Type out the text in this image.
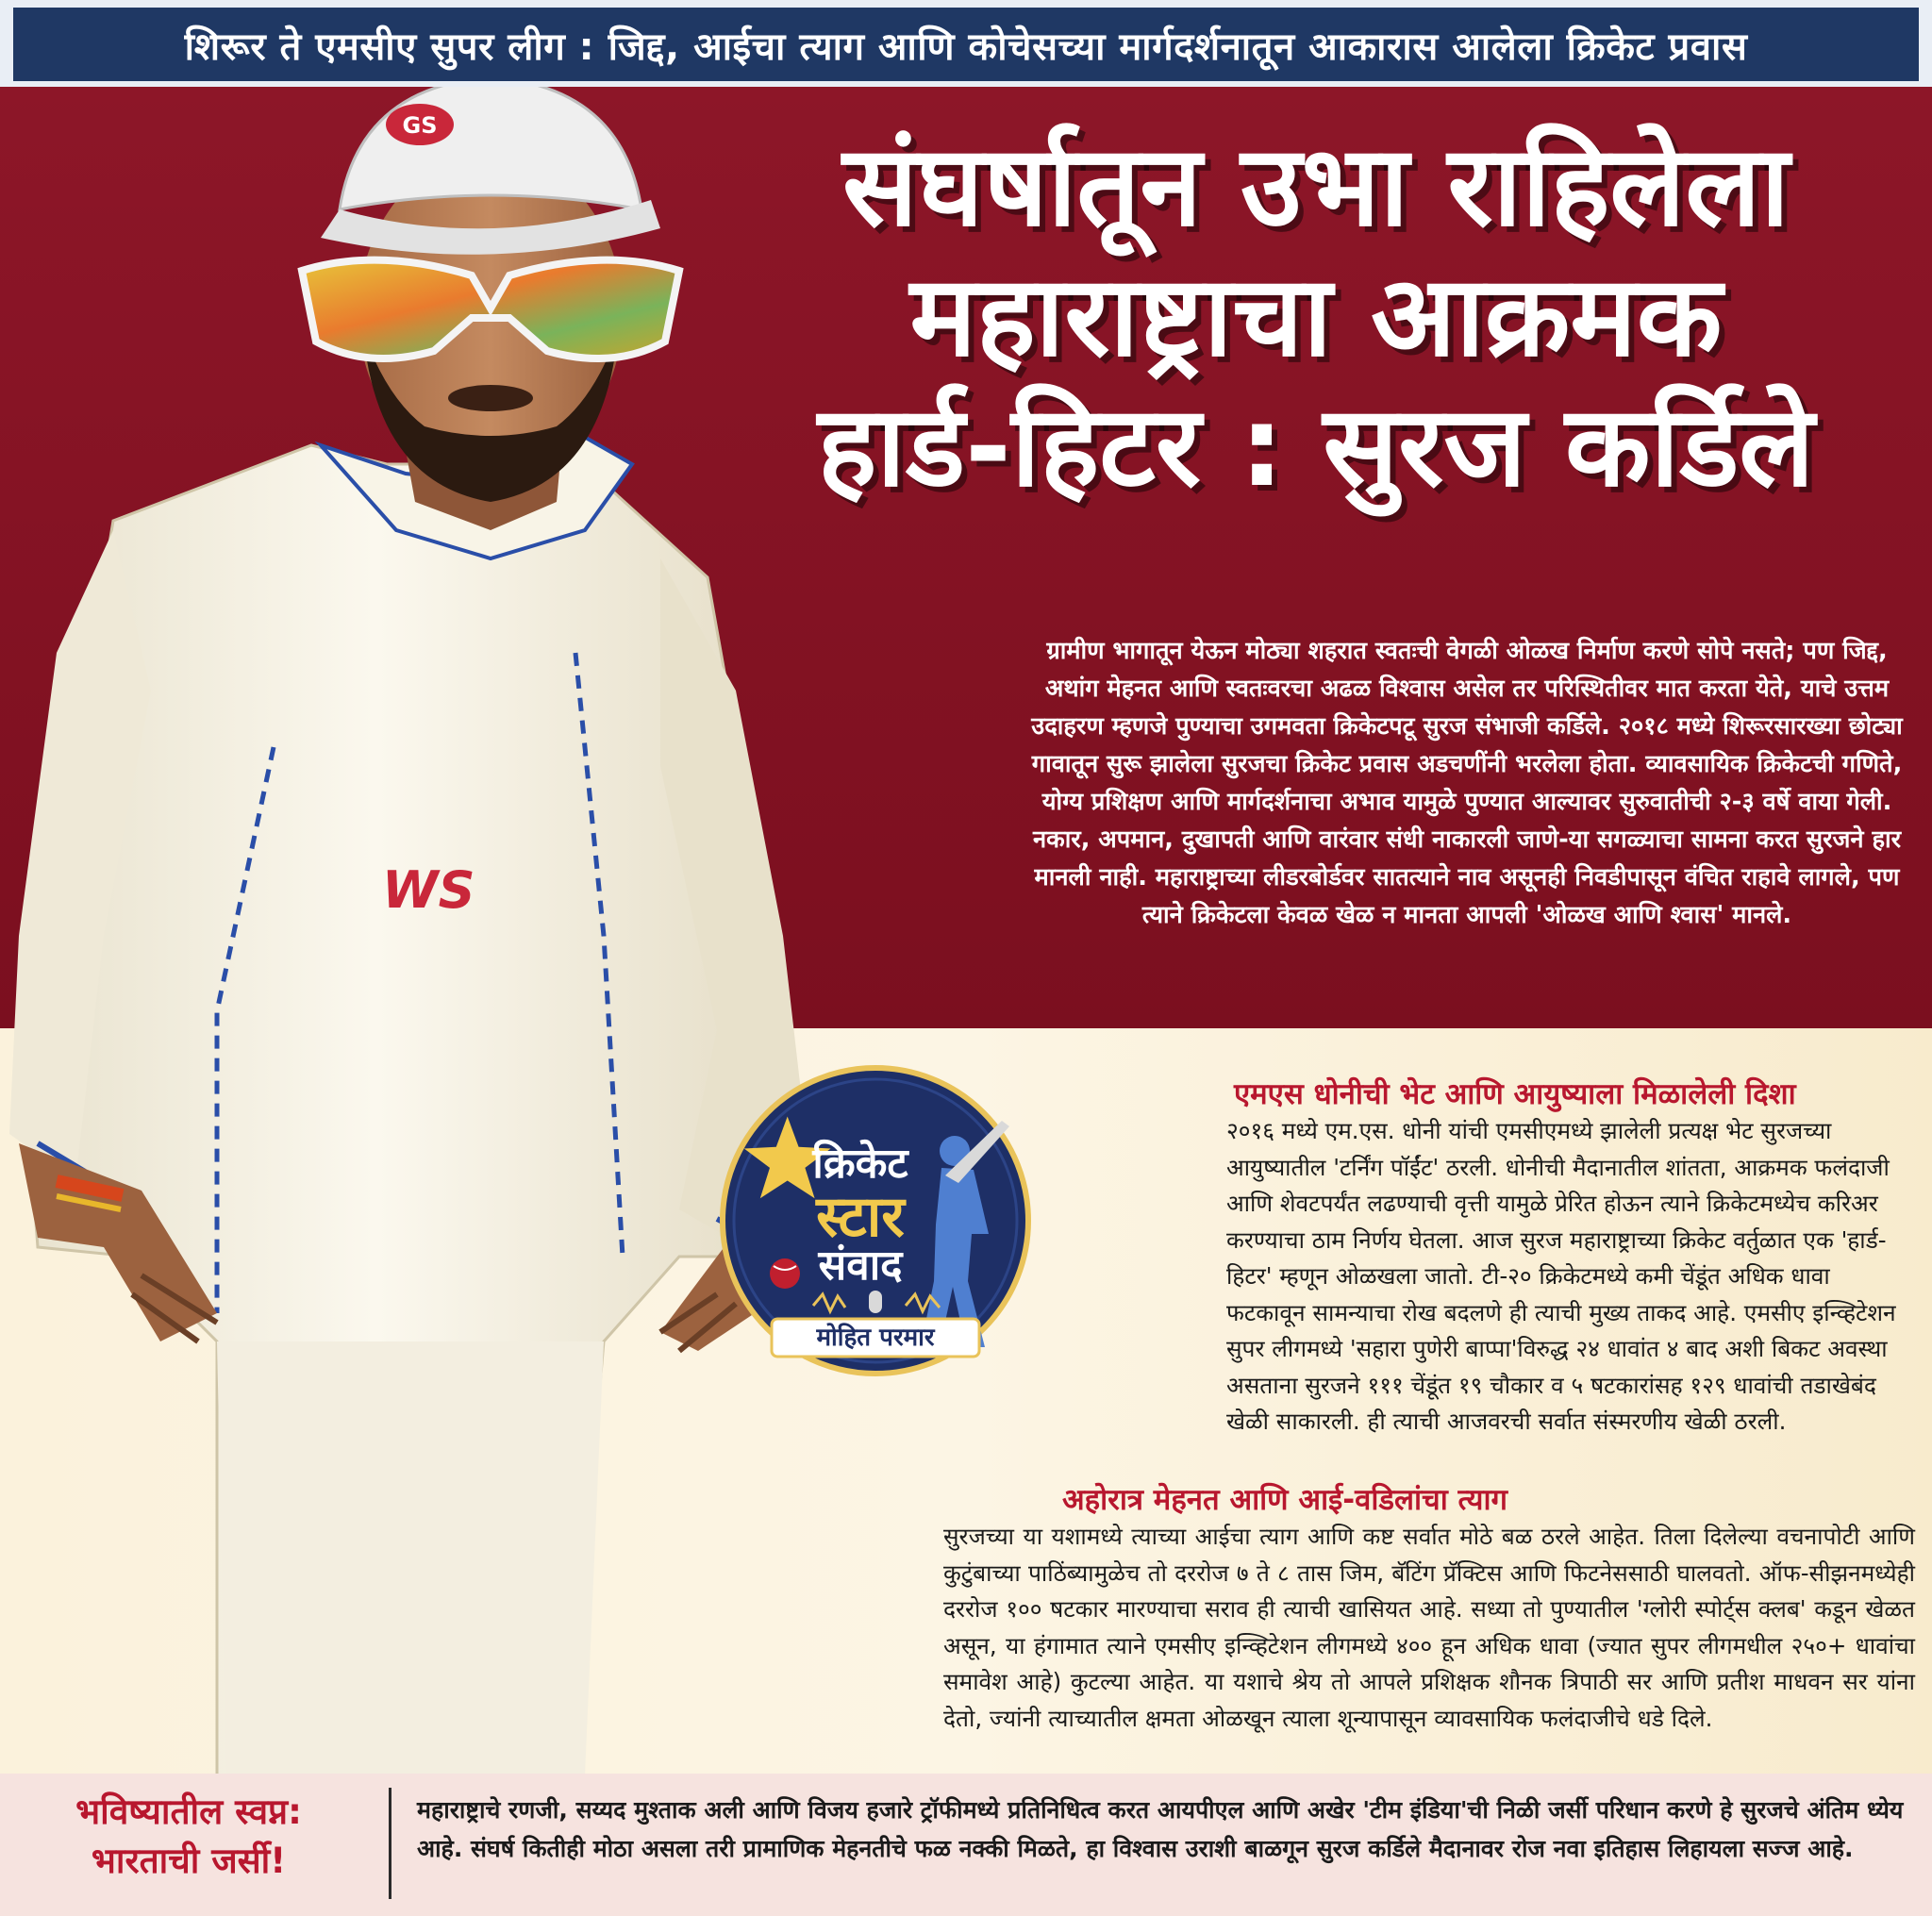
शिरूर ते एमसीए सुपर लीग : जिद्द, आईचा त्याग आणि कोचेसच्या मार्गदर्शनातून आकारास आलेला क्रिकेट प्रवास
GS
WS
संघर्षातून उभा राहिलेला
महाराष्ट्राचा आक्रमक
हार्ड-हिटर : सुरज कर्डिले
ग्रामीण भागातून येऊन मोठ्या शहरात स्वतःची वेगळी ओळख निर्माण करणे सोपे नसते; पण जिद्द, अथांग मेहनत आणि स्वतःवरचा अढळ विश्वास असेल तर परिस्थितीवर मात करता येते, याचे उत्तम उदाहरण म्हणजे पुण्याचा उगमवता क्रिकेटपटू सुरज संभाजी कर्डिले. २०१८ मध्ये शिरूरसारख्या छोट्या गावातून सुरू झालेला सुरजचा क्रिकेट प्रवास अडचणींनी भरलेला होता. व्यावसायिक क्रिकेटची गणिते, योग्य प्रशिक्षण आणि मार्गदर्शनाचा अभाव यामुळे पुण्यात आल्यावर सुरुवातीची २-३ वर्षे वाया गेली. नकार, अपमान, दुखापती आणि वारंवार संधी नाकारली जाणे-या सगळ्याचा सामना करत सुरजने हार मानली नाही. महाराष्ट्राच्या लीडरबोर्डवर सातत्याने नाव असूनही निवडीपासून वंचित राहावे लागले, पण त्याने क्रिकेटला केवळ खेळ न मानता आपली 'ओळख आणि श्वास' मानले.
क्रिकेट
स्टार
संवाद
मोहित परमार
एमएस धोनीची भेट आणि आयुष्याला मिळालेली दिशा
२०१६ मध्ये एम.एस. धोनी यांची एमसीएमध्ये झालेली प्रत्यक्ष भेट सुरजच्या आयुष्यातील 'टर्निंग पॉईंट' ठरली. धोनीची मैदानातील शांतता, आक्रमक फलंदाजी आणि शेवटपर्यंत लढण्याची वृत्ती यामुळे प्रेरित होऊन त्याने क्रिकेटमध्येच करिअर करण्याचा ठाम निर्णय घेतला. आज सुरज महाराष्ट्राच्या क्रिकेट वर्तुळात एक 'हार्ड-हिटर' म्हणून ओळखला जातो. टी-२० क्रिकेटमध्ये कमी चेंडूंत अधिक धावा फटकावून सामन्याचा रोख बदलणे ही त्याची मुख्य ताकद आहे. एमसीए इन्व्हिटेशन सुपर लीगमध्ये 'सहारा पुणेरी बाप्पा'विरुद्ध २४ धावांत ४ बाद अशी बिकट अवस्था असताना सुरजने १११ चेंडूंत १९ चौकार व ५ षटकारांसह १२९ धावांची तडाखेबंद खेळी साकारली. ही त्याची आजवरची सर्वात संस्मरणीय खेळी ठरली.
अहोरात्र मेहनत आणि आई-वडिलांचा त्याग
सुरजच्या या यशामध्ये त्याच्या आईचा त्याग आणि कष्ट सर्वात मोठे बळ ठरले आहेत. तिला दिलेल्या वचनापोटी आणि कुटुंबाच्या पाठिंब्यामुळेच तो दररोज ७ ते ८ तास जिम, बॅटिंग प्रॅक्टिस आणि फिटनेससाठी घालवतो. ऑफ-सीझनमध्येही दररोज १०० षटकार मारण्याचा सराव ही त्याची खासियत आहे. सध्या तो पुण्यातील 'ग्लोरी स्पोर्ट्स क्लब' कडून खेळत असून, या हंगामात त्याने एमसीए इन्व्हिटेशन लीगमध्ये ४०० हून अधिक धावा (ज्यात सुपर लीगमधील २५०+ धावांचा समावेश आहे) कुटल्या आहेत. या यशाचे श्रेय तो आपले प्रशिक्षक शौनक त्रिपाठी सर आणि प्रतीश माधवन सर यांना देतो, ज्यांनी त्याच्यातील क्षमता ओळखून त्याला शून्यापासून व्यावसायिक फलंदाजीचे धडे दिले.
भविष्यातील स्वप्न:
भारताची जर्सी!
महाराष्ट्राचे रणजी, सय्यद मुश्ताक अली आणि विजय हजारे ट्रॉफीमध्ये प्रतिनिधित्व करत आयपीएल आणि अखेर 'टीम इंडिया'ची निळी जर्सी परिधान करणे हे सुरजचे अंतिम ध्येय आहे. संघर्ष कितीही मोठा असला तरी प्रामाणिक मेहनतीचे फळ नक्की मिळते, हा विश्वास उराशी बाळगून सुरज कर्डिले मैदानावर रोज नवा इतिहास लिहायला सज्ज आहे.
